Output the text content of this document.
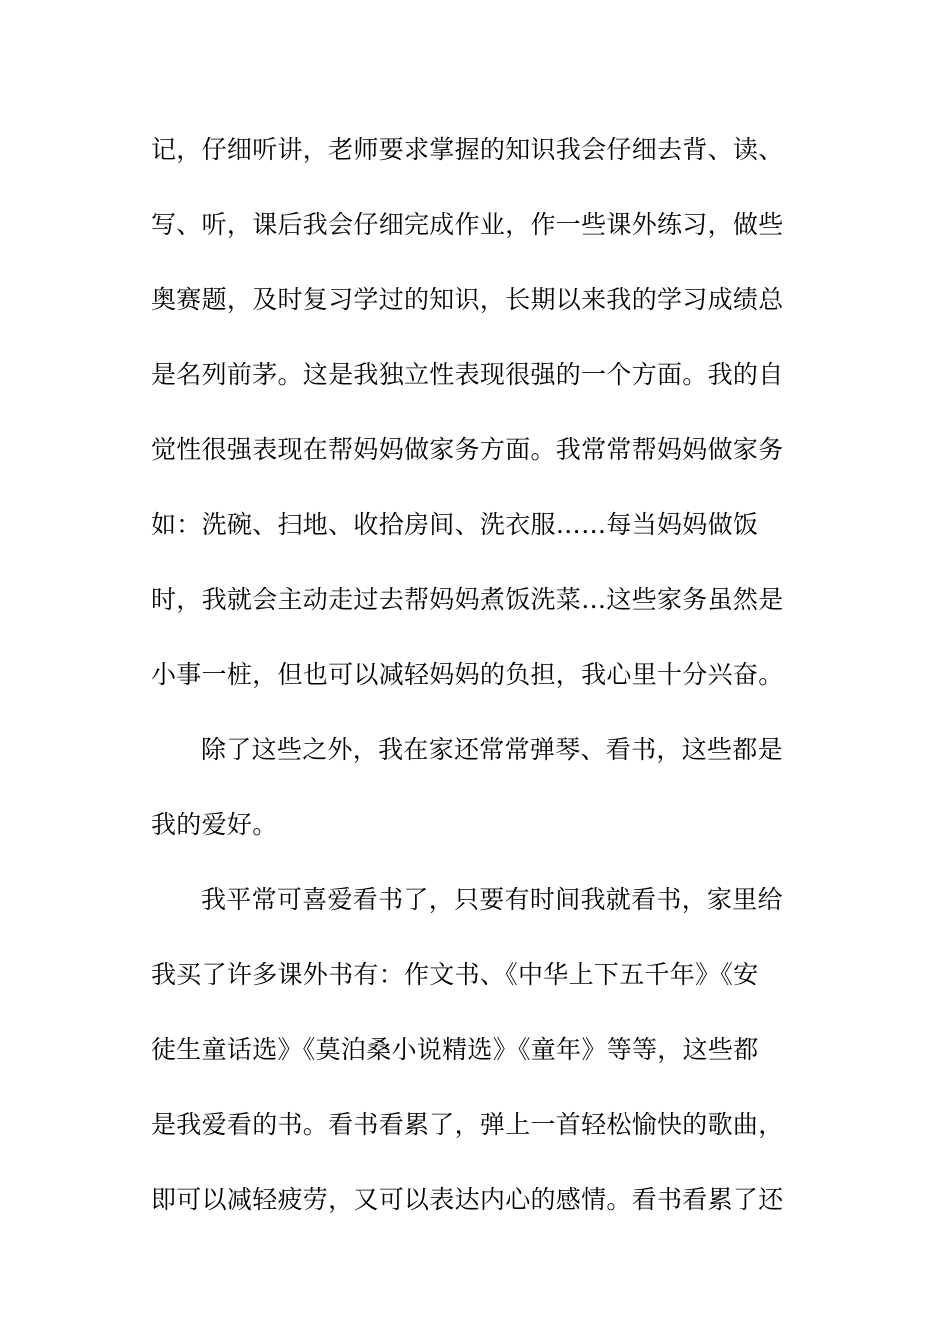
记，仔细听讲，老师要求掌握的知识我会仔细去背、读、
写、听，课后我会仔细完成作业，作一些课外练习，做些
奥赛题，及时复习学过的知识，长期以来我的学习成绩总
是名列前茅。这是我独立性表现很强的一个方面。我的自
觉性很强表现在帮妈妈做家务方面。我常常帮妈妈做家务
如：洗碗、扫地、收拾房间、洗衣服……每当妈妈做饭
时，我就会主动走过去帮妈妈煮饭洗菜…这些家务虽然是
小事一桩，但也可以减轻妈妈的负担，我心里十分兴奋。
除了这些之外，我在家还常常弹琴、看书，这些都是
我的爱好。
我平常可喜爱看书了，只要有时间我就看书，家里给
我买了许多课外书有：作文书、《中华上下五千年》《安
徒生童话选》《莫泊桑小说精选》《童年》等等，这些都
是我爱看的书。看书看累了，弹上一首轻松愉快的歌曲，
即可以减轻疲劳，又可以表达内心的感情。看书看累了还
